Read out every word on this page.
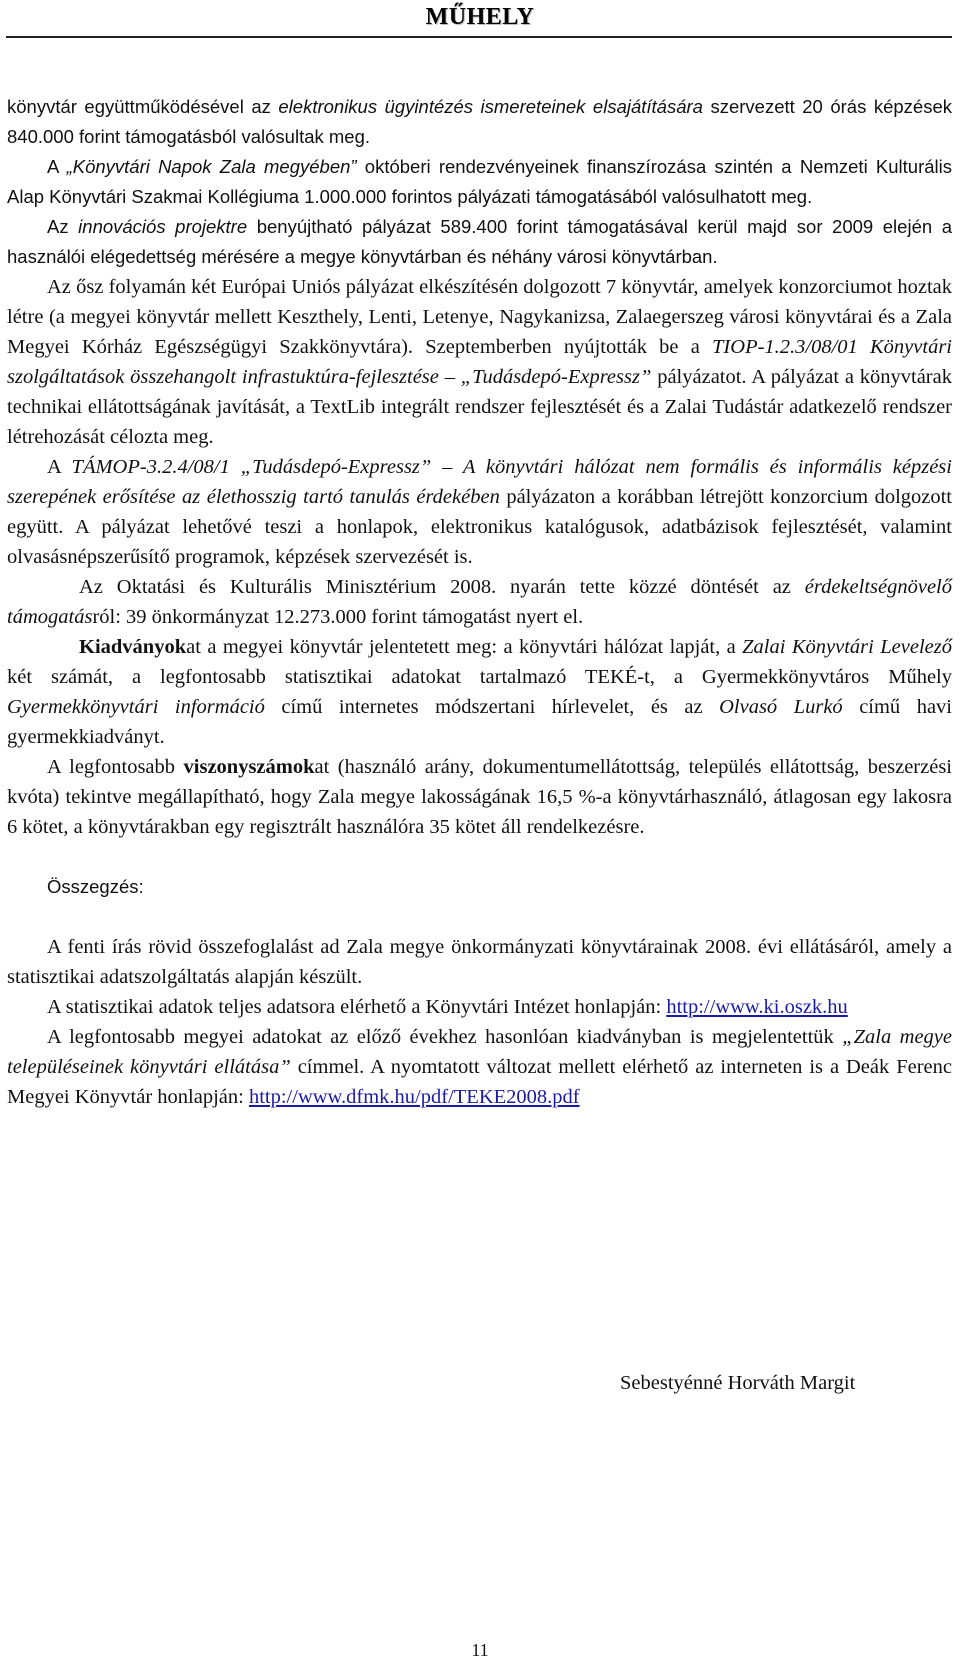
MŰHELY

könyvtár együttműködésével az elektronikus ügyintézés ismereteinek elsajátítására szervezett 20 órás képzések 840.000 forint támogatásból valósultak meg.

A „Könyvtári Napok Zala megyében” októberi rendezvényeinek finanszírozása szintén a Nemzeti Kulturális Alap Könyvtári Szakmai Kollégiuma 1.000.000 forintos pályázati támogatásából valósulhatott meg.

Az innovációs projektre benyújtható pályázat 589.400 forint támogatásával kerül majd sor 2009 elején a használói elégedettség mérésére a megye könyvtárban és néhány városi könyvtárban.

Az ősz folyamán két Európai Uniós pályázat elkészítésén dolgozott 7 könyvtár, amelyek konzorciumot hoztak létre (a megyei könyvtár mellett Keszthely, Lenti, Letenye, Nagykanizsa, Zalaegerszeg városi könyvtárai és a Zala Megyei Kórház Egészségügyi Szakkönyvtára). Szeptemberben nyújtották be a TIOP-1.2.3/08/01 Könyvtári szolgáltatások összehangolt infrastuktúra-fejlesztése – „Tudásdepó-Expressz” pályázatot. A pályázat a könyvtárak technikai ellátottságának javítását, a TextLib integrált rendszer fejlesztését és a Zalai Tudástár adatkezelő rendszer létrehozását célozta meg.

A TÁMOP-3.2.4/08/1 „Tudásdepó-Expressz” – A könyvtári hálózat nem formális és informális képzési szerepének erősítése az élethosszig tartó tanulás érdekében pályázaton a korábban létrejött konzorcium dolgozott együtt. A pályázat lehetővé teszi a honlapok, elektronikus katalógusok, adatbázisok fejlesztését, valamint olvasásnépszerűsítő programok, képzések szervezését is.

Az Oktatási és Kulturális Minisztérium 2008. nyarán tette közzé döntését az érdekeltségnövelő támogatásról: 39 önkormányzat 12.273.000 forint támogatást nyert el.

Kiadványokat a megyei könyvtár jelentetett meg: a könyvtári hálózat lapját, a Zalai Könyvtári Levelező két számát, a legfontosabb statisztikai adatokat tartalmazó TEKÉ-t, a Gyermekkönyvtáros Műhely Gyermekkönyvtári információ című internetes módszertani hírlevelet, és az Olvasó Lurkó című havi gyermekkiadványt.

A legfontosabb viszonyszámokat (használó arány, dokumentumellátottság, település ellátottság, beszerzési kvóta) tekintve megállapítható, hogy Zala megye lakosságának 16,5 %-a könyvtárhasználó, átlagosan egy lakosra 6 kötet, a könyvtárakban egy regisztrált használóra 35 kötet áll rendelkezésre.

Összegzés:

A fenti írás rövid összefoglalást ad Zala megye önkormányzati könyvtárainak 2008. évi ellátásáról, amely a statisztikai adatszolgáltatás alapján készült.

A statisztikai adatok teljes adatsora elérhető a Könyvtári Intézet honlapján: http://www.ki.oszk.hu

A legfontosabb megyei adatokat az előző évekhez hasonlóan kiadványban is megjelentettük „Zala megye településeinek könyvtári ellátása” címmel. A nyomtatott változat mellett elérhető az interneten is a Deák Ferenc Megyei Könyvtár honlapján: http://www.dfmk.hu/pdf/TEKE2008.pdf

Sebestyénné Horváth Margit
11
